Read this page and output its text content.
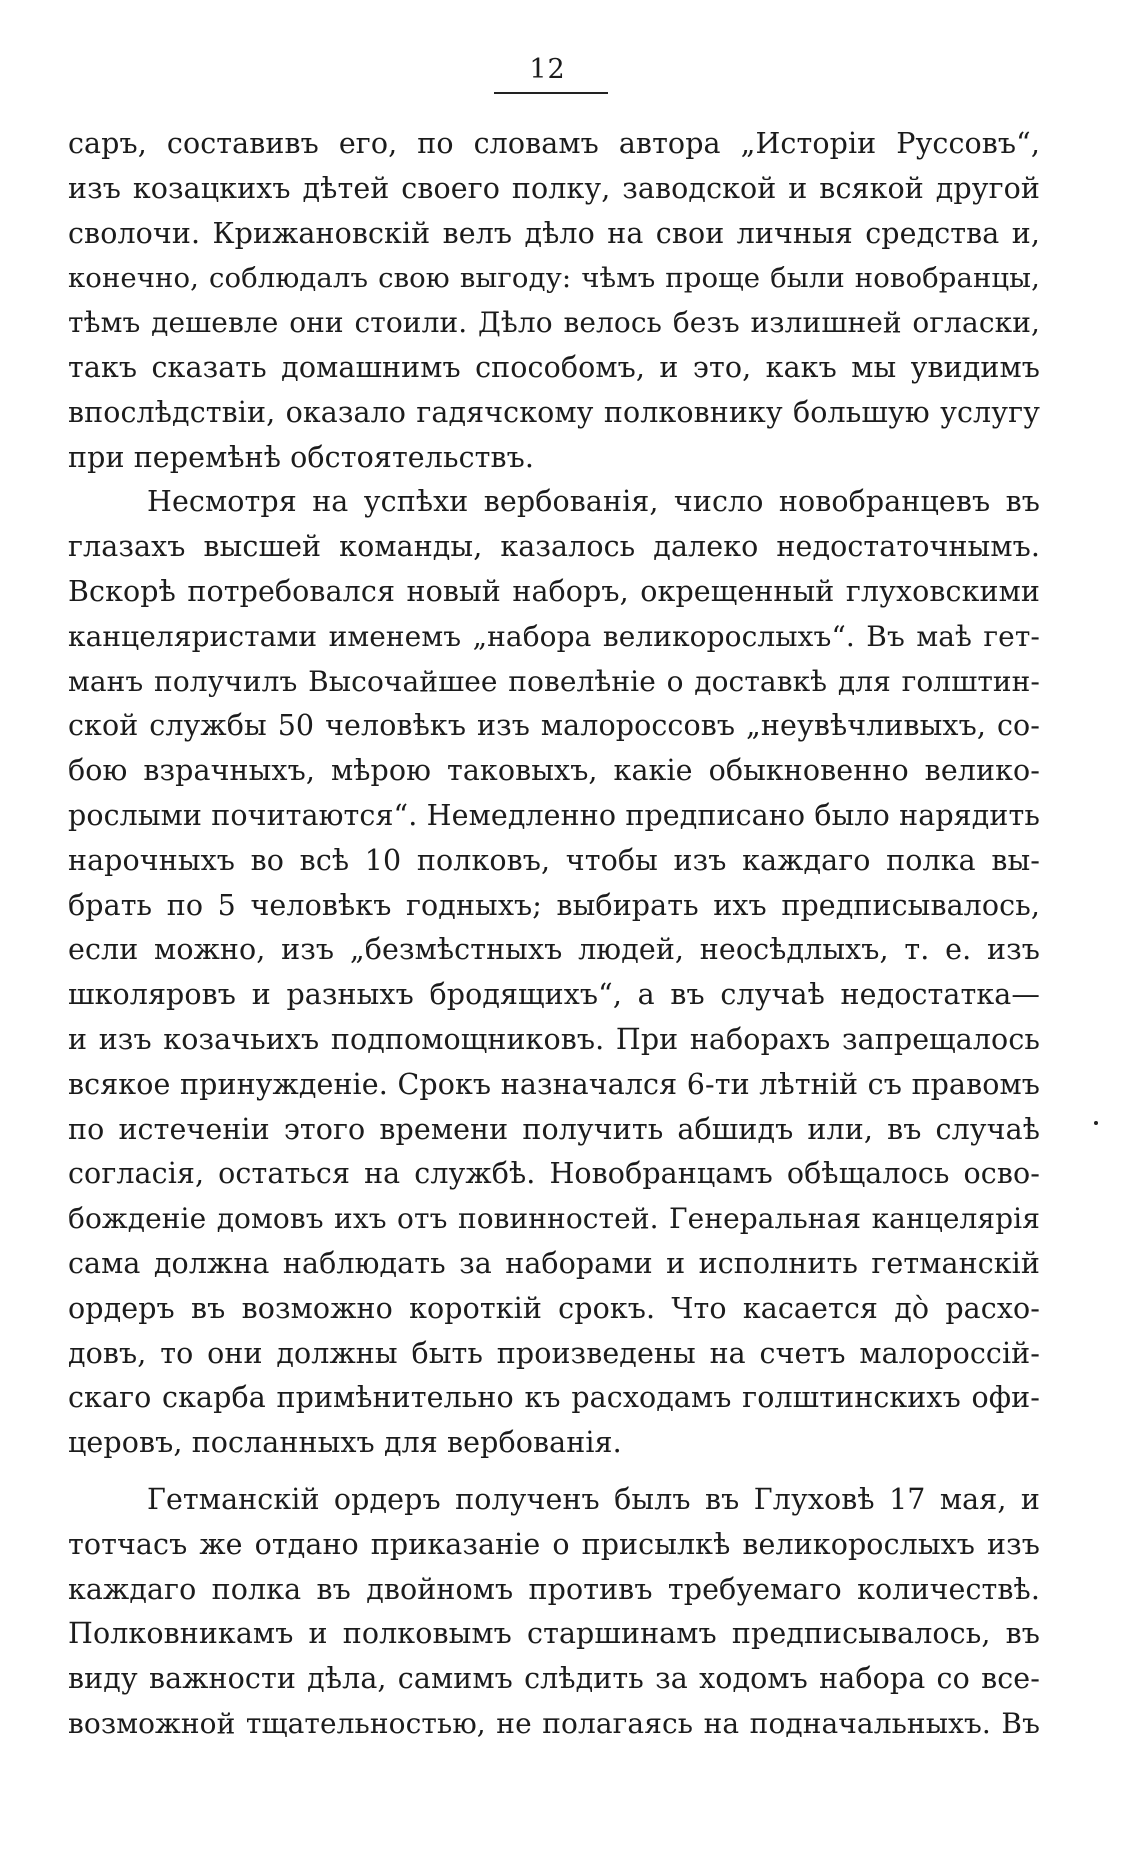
12
саръ, составивъ его, по словамъ автора „Исторіи Руссовъ“,
изъ козацкихъ дѣтей своего полку, заводской и всякой другой
сволочи. Крижановскій велъ дѣло на свои личныя средства и,
конечно, соблюдалъ свою выгоду: чѣмъ проще были новобранцы,
тѣмъ дешевле они стоили. Дѣло велось безъ излишней огласки,
такъ сказать домашнимъ способомъ, и это, какъ мы увидимъ
впослѣдствіи, оказало гадячскому полковнику большую услугу
при перемѣнѣ обстоятельствъ.
Несмотря на успѣхи вербованія, число новобранцевъ въ
глазахъ высшей команды, казалось далеко недостаточнымъ.
Вскорѣ потребовался новый наборъ, окрещенный глуховскими
канцеляристами именемъ „набора великорослыхъ“. Въ маѣ гет-
манъ получилъ Высочайшее повелѣніе о доставкѣ для голштин-
ской службы 50 человѣкъ изъ малороссовъ „неувѣчливыхъ, со-
бою взрачныхъ, мѣрою таковыхъ, какіе обыкновенно велико-
рослыми почитаются“. Немедленно предписано было нарядить
нарочныхъ во всѣ 10 полковъ, чтобы изъ каждаго полка вы-
брать по 5 человѣкъ годныхъ; выбирать ихъ предписывалось,
если можно, изъ „безмѣстныхъ людей, неосѣдлыхъ, т. е. изъ
школяровъ и разныхъ бродящихъ“, а въ случаѣ недостатка—
и изъ козачьихъ подпомощниковъ. При наборахъ запрещалось
всякое принужденіе. Срокъ назначался 6-ти лѣтній съ правомъ
по истеченіи этого времени получить абшидъ или, въ случаѣ
согласія, остаться на службѣ. Новобранцамъ обѣщалось осво-
божденіе домовъ ихъ отъ повинностей. Генеральная канцелярія
сама должна наблюдать за наборами и исполнить гетманскій
ордеръ въ возможно короткій срокъ. Что касается до̀ расхо-
довъ, то они должны быть произведены на счетъ малороссій-
скаго скарба примѣнительно къ расходамъ голштинскихъ офи-
церовъ, посланныхъ для вербованія.
Гетманскій ордеръ полученъ былъ въ Глуховѣ 17 мая, и
тотчасъ же отдано приказаніе о присылкѣ великорослыхъ изъ
каждаго полка въ двойномъ противъ требуемаго количествѣ.
Полковникамъ и полковымъ старшинамъ предписывалось, въ
виду важности дѣла, самимъ слѣдить за ходомъ набора со все-
возможной тщательностью, не полагаясь на подначальныхъ. Въ
